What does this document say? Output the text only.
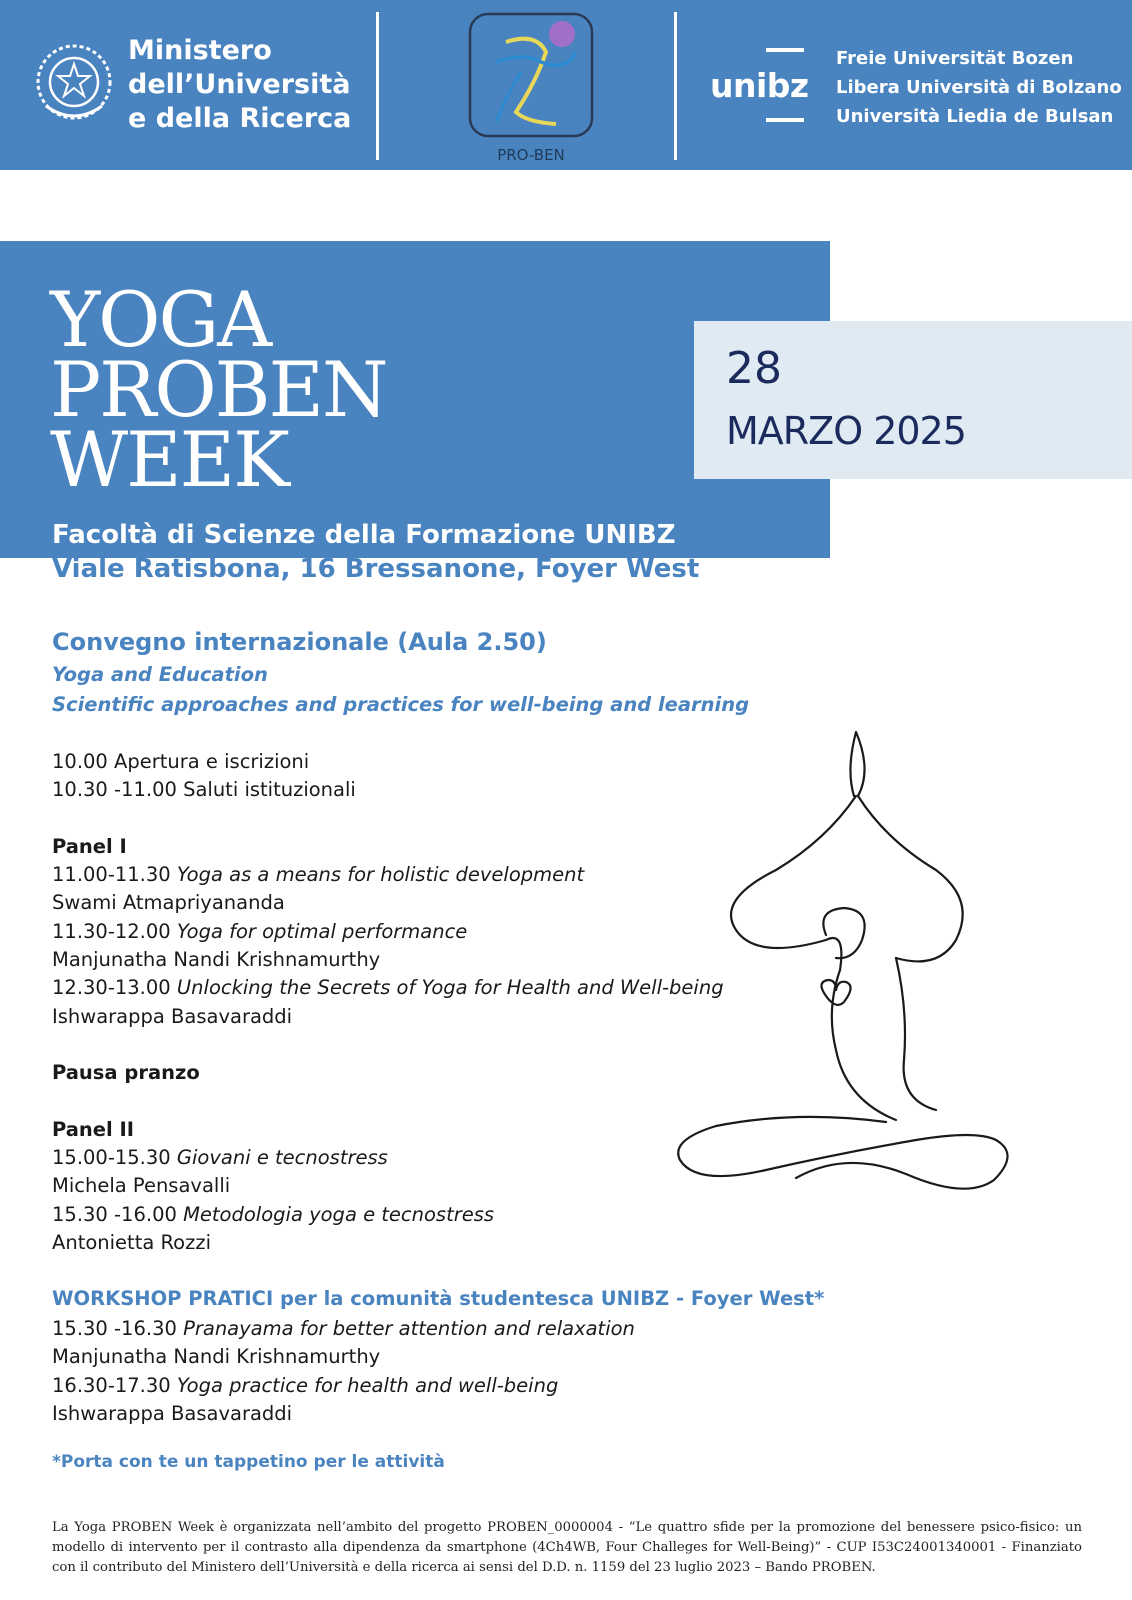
Ministero
dell’Università
e della Ricerca
PRO-BEN
unibz
Freie Universität Bozen
Libera Università di Bolzano
Università Liedia de Bulsan
YOGA
PROBEN
WEEK
Facoltà di Scienze della Formazione UNIBZ
Viale Ratisbona, 16 Bressanone, Foyer West
28
MARZO 2025
Convegno internazionale (Aula 2.50)
Yoga and Education
Scientific approaches and practices for well-being and learning
10.00 Apertura e iscrizioni
10.30 -11.00 Saluti istituzionali
Panel I
11.00-11.30 Yoga as a means for holistic development
Swami Atmapriyananda
11.30-12.00 Yoga for optimal performance
Manjunatha Nandi Krishnamurthy
12.30-13.00 Unlocking the Secrets of Yoga for Health and Well-being
Ishwarappa Basavaraddi
Pausa pranzo
Panel II
15.00-15.30 Giovani e tecnostress
Michela Pensavalli
15.30 -16.00 Metodologia yoga e tecnostress
Antonietta Rozzi
WORKSHOP PRATICI per la comunità studentesca UNIBZ - Foyer West*
15.30 -16.30 Pranayama for better attention and relaxation
Manjunatha Nandi Krishnamurthy
16.30-17.30 Yoga practice for health and well-being
Ishwarappa Basavaraddi
*Porta con te un tappetino per le attività
La Yoga PROBEN Week è organizzata nell’ambito del progetto PROBEN_0000004 - “Le quattro sfide per la promozione del benessere psico-fisico: un modello di intervento per il contrasto alla dipendenza da smartphone (4Ch4WB, Four Challeges for Well-Being)” - CUP I53C24001340001 - Finanziato con il contributo del Ministero dell’Università e della ricerca ai sensi del D.D. n. 1159 del 23 luglio 2023 – Bando PROBEN.
